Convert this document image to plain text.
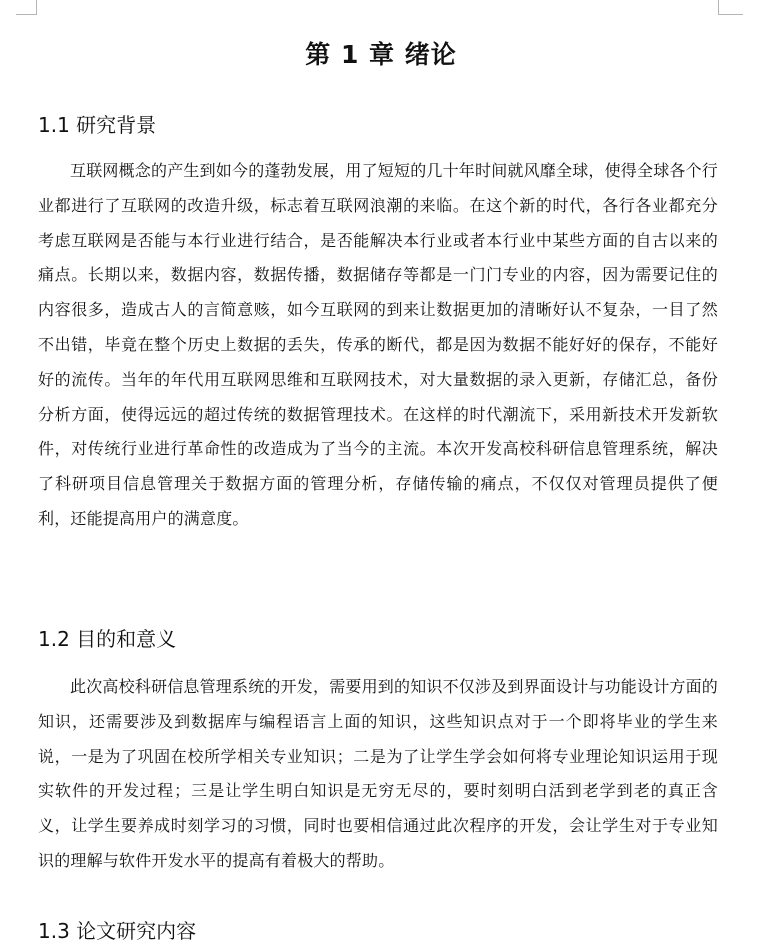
第 1 章 绪论
1.1 研究背景

互联网概念的产生到如今的蓬勃发展，用了短短的几十年时间就风靡全球，使得全球各个行业都进行了互联网的改造升级，标志着互联网浪潮的来临。在这个新的时代，各行各业都充分考虑互联网是否能与本行业进行结合，是否能解决本行业或者本行业中某些方面的自古以来的痛点。长期以来，数据内容，数据传播，数据储存等都是一门门专业的内容，因为需要记住的内容很多，造成古人的言简意赅，如今互联网的到来让数据更加的清晰好认不复杂，一目了然不出错，毕竟在整个历史上数据的丢失，传承的断代，都是因为数据不能好好的保存，不能好好的流传。当年的年代用互联网思维和互联网技术，对大量数据的录入更新，存储汇总，备份分析方面，使得远远的超过传统的数据管理技术。在这样的时代潮流下，采用新技术开发新软件，对传统行业进行革命性的改造成为了当今的主流。本次开发高校科研信息管理系统，解决了科研项目信息管理关于数据方面的管理分析，存储传输的痛点，不仅仅对管理员提供了便利，还能提高用户的满意度。

1.2 目的和意义

此次高校科研信息管理系统的开发，需要用到的知识不仅涉及到界面设计与功能设计方面的知识，还需要涉及到数据库与编程语言上面的知识，这些知识点对于一个即将毕业的学生来说，一是为了巩固在校所学相关专业知识；二是为了让学生学会如何将专业理论知识运用于现实软件的开发过程；三是让学生明白知识是无穷无尽的，要时刻明白活到老学到老的真正含义，让学生要养成时刻学习的习惯，同时也要相信通过此次程序的开发，会让学生对于专业知识的理解与软件开发水平的提高有着极大的帮助。

1.3 论文研究内容
